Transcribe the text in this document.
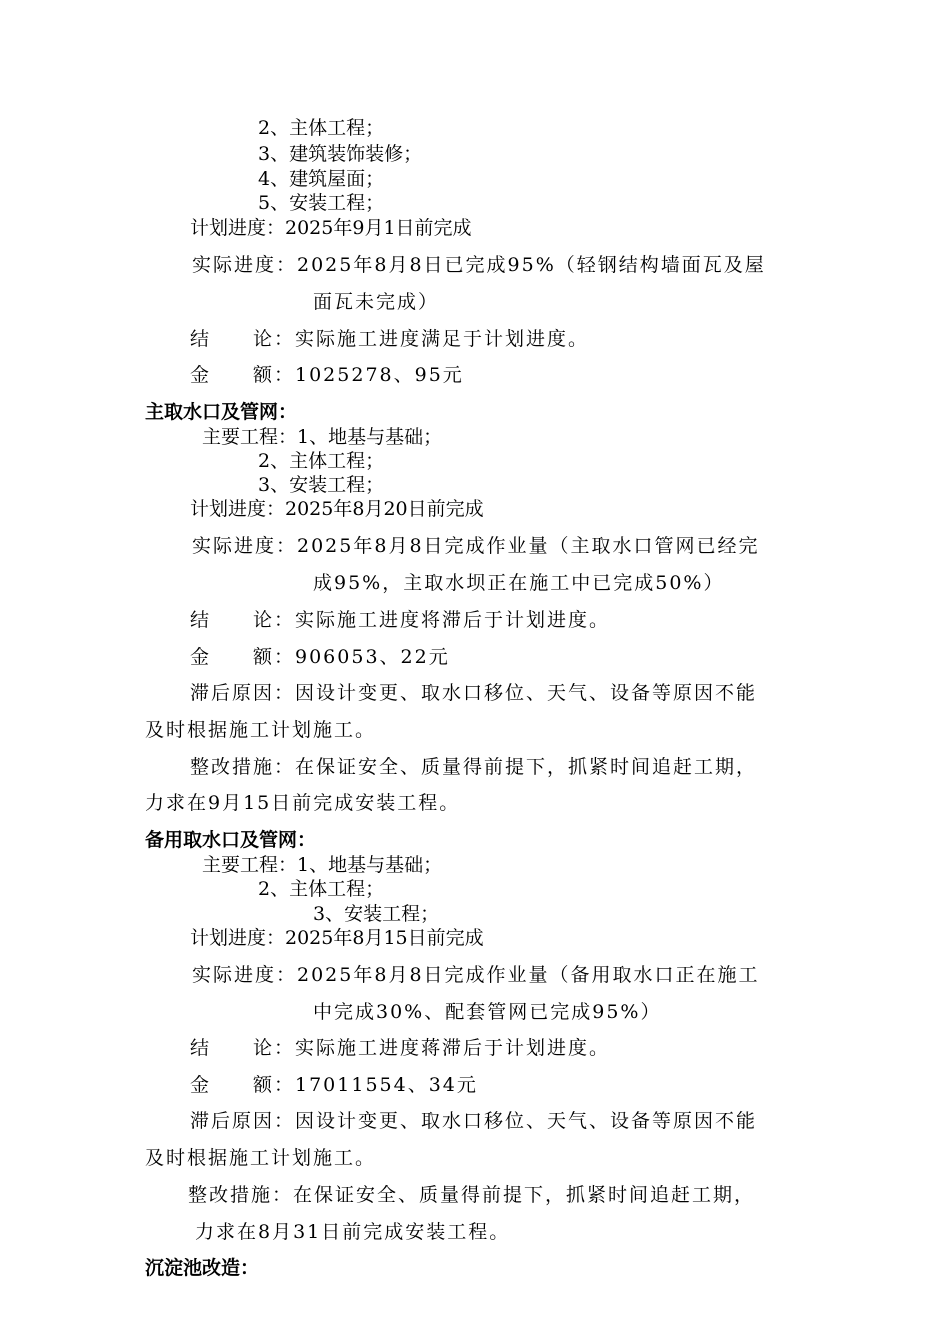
2、主体工程；
3、建筑装饰装修；
4、建筑屋面；
5、安装工程；
计划进度：2025年9月1日前完成
实际进度：2025年8月8日已完成95%（轻钢结构墙面瓦及屋
面瓦未完成）
结　　论：实际施工进度满足于计划进度。
金　　额：1025278、95元
主取水口及管网：
主要工程：1、地基与基础；
2、主体工程；
3、安装工程；
计划进度：2025年8月20日前完成
实际进度：2025年8月8日完成作业量（主取水口管网已经完
成95%，主取水坝正在施工中已完成50%）
结　　论：实际施工进度将滞后于计划进度。
金　　额：906053、22元
滞后原因：因设计变更、取水口移位、天气、设备等原因不能
及时根据施工计划施工。
整改措施：在保证安全、质量得前提下，抓紧时间追赶工期，
力求在9月15日前完成安装工程。
备用取水口及管网：
主要工程：1、地基与基础；
2、主体工程；
3、安装工程；
计划进度：2025年8月15日前完成
实际进度：2025年8月8日完成作业量（备用取水口正在施工
中完成30%、配套管网已完成95%）
结　　论：实际施工进度蒋滞后于计划进度。
金　　额：17011554、34元
滞后原因：因设计变更、取水口移位、天气、设备等原因不能
及时根据施工计划施工。
整改措施：在保证安全、质量得前提下，抓紧时间追赶工期，
力求在8月31日前完成安装工程。
沉淀池改造：
